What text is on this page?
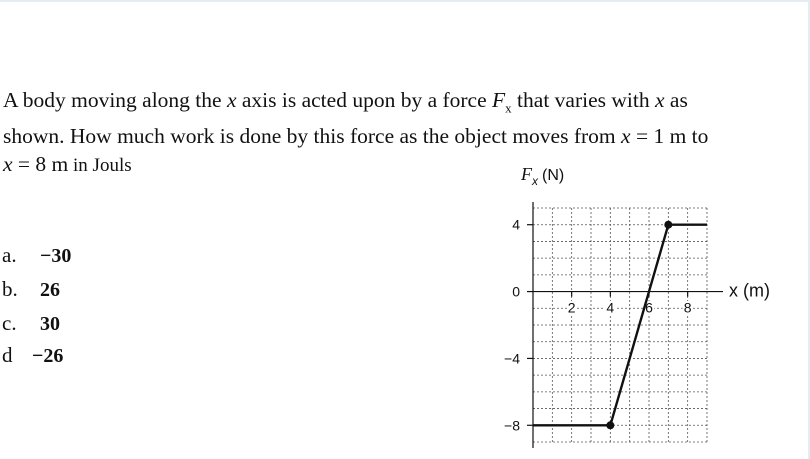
A body moving along the x axis is acted upon by a force $F_x$ that varies with x as
shown. How much work is done by this force as the object moves from x = 1 m to
x = 8 m in Jouls

a. −30
b. 26
c. 30
d −26
4
0
−4
−8
2 4 6 8
$F_x$ (N)
x (m)
